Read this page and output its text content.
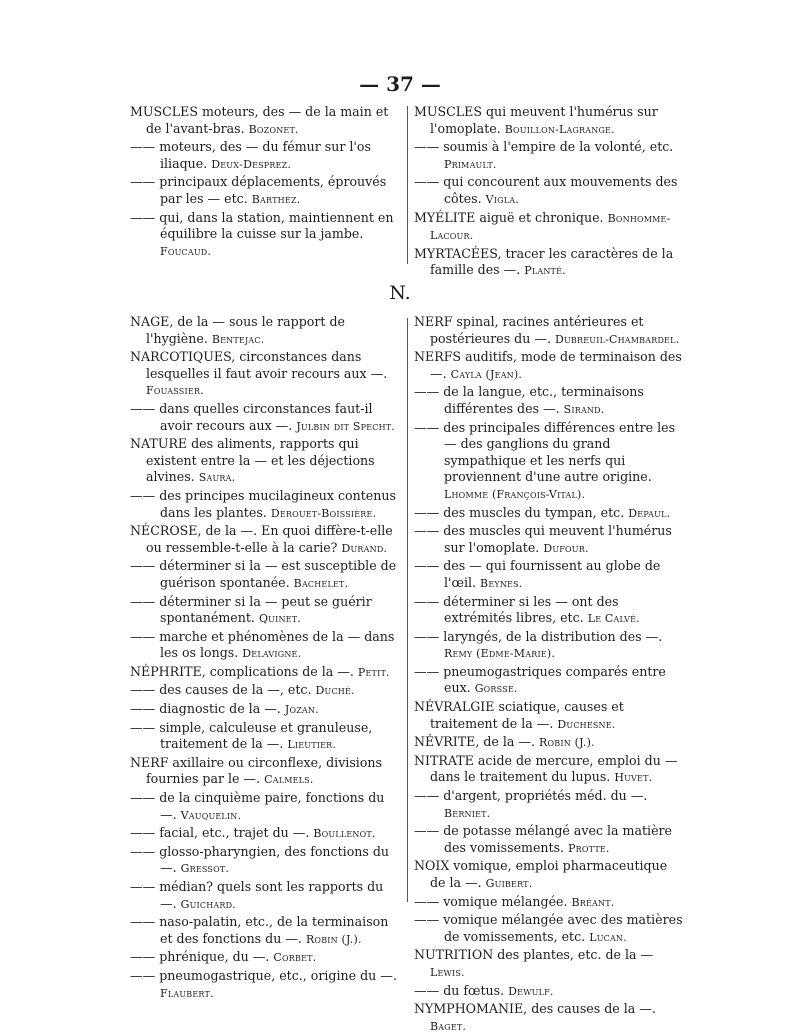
— 37 —

MUSCLES moteurs, des — de la main et de l'avant-bras. Bozonet.

—— moteurs, des — du fémur sur l'os iliaque. Deux-Desprez.

—— principaux déplacements, éprouvés par les — etc. Barthez.

—— qui, dans la station, maintiennent en équilibre la cuisse sur la jambe. Foucaud.

MUSCLES qui meuvent l'humérus sur l'omoplate. Bouillon-Lagrange.

—— soumis à l'empire de la volonté, etc. Primault.

—— qui concourent aux mouvements des côtes. Vigla.

MYÉLITE aiguë et chronique. Bonhomme-Lacour.

MYRTACÉES, tracer les caractères de la famille des —. Planté.

N.

NAGE, de la — sous le rapport de l'hygiène. Bentejac.

NARCOTIQUES, circonstances dans lesquelles il faut avoir recours aux —. Fouassier.

—— dans quelles circonstances faut-il avoir recours aux —. Julbin dit Specht.

NATURE des aliments, rapports qui existent entre la — et les déjections alvines. Saura.

—— des principes mucilagineux contenus dans les plantes. Derouet-Boissière.

NÉCROSE, de la —. En quoi diffère-t-elle ou ressemble-t-elle à la carie? Durand.

—— déterminer si la — est susceptible de guérison spontanée. Bachelet.

—— déterminer si la — peut se guérir spontanément. Quinet.

—— marche et phénomènes de la — dans les os longs. Delavigne.

NÉPHRITE, complications de la —. Petit.

—— des causes de la —, etc. Duché.

—— diagnostic de la —. Jozan.

—— simple, calculeuse et granuleuse, traitement de la —. Lieutier.

NERF axillaire ou circonflexe, divisions fournies par le —. Calmels.

—— de la cinquième paire, fonctions du —. Vauquelin.

—— facial, etc., trajet du —. Boullenot.

—— glosso-pharyngien, des fonctions du —. Gressot.

—— médian? quels sont les rapports du —. Guichard.

—— naso-palatin, etc., de la terminaison et des fonctions du —. Robin (J.).

—— phrénique, du —. Corbet.

—— pneumogastrique, etc., origine du —. Flaubert.

NERF spinal, racines antérieures et postérieures du —. Dubreuil-Chambardel.

NERFS auditifs, mode de terminaison des —. Cayla (Jean).

—— de la langue, etc., terminaisons différentes des —. Sirand.

—— des principales différences entre les — des ganglions du grand sympathique et les nerfs qui proviennent d'une autre origine. Lhomme (François-Vital).

—— des muscles du tympan, etc. Depaul.

—— des muscles qui meuvent l'humérus sur l'omoplate. Dufour.

—— des — qui fournissent au globe de l'œil. Beynes.

—— déterminer si les — ont des extrémités libres, etc. Le Calvé.

—— laryngés, de la distribution des —. Remy (Edme-Marie).

—— pneumogastriques comparés entre eux. Gorsse.

NÉVRALGIE sciatique, causes et traitement de la —. Duchesne.

NÉVRITE, de la —. Robin (J.).

NITRATE acide de mercure, emploi du — dans le traitement du lupus. Huvet.

—— d'argent, propriétés méd. du —. Berniet.

—— de potasse mélangé avec la matière des vomissements. Protte.

NOIX vomique, emploi pharmaceutique de la —. Guibert.

—— vomique mélangée. Bréant.

—— vomique mélangée avec des matières de vomissements, etc. Lucan.

NUTRITION des plantes, etc. de la — Lewis.

—— du fœtus. Dewulf.

NYMPHOMANIE, des causes de la —. Baget.
